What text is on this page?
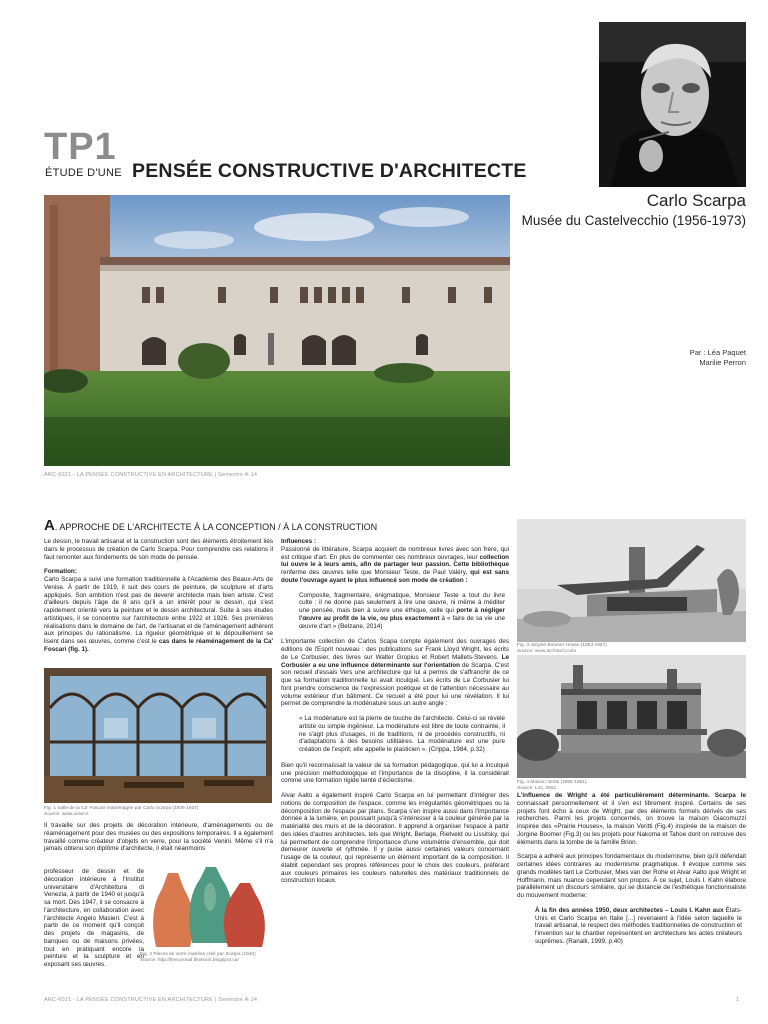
TP1
ÉTUDE D'UNE PENSÉE CONSTRUCTIVE D'ARCHITECTE
Carlo Scarpa
Musée du Castelvecchio (1956-1973)
Par : Léa Paquet
Marilie Perron
ARC-6021 - LA PENSÉE CONSTRUCTIVE EN ARCHITECTURE | Semestre A-14
A. APPROCHE DE L'ARCHITECTE À LA CONCEPTION / À LA CONSTRUCTION

Le dessin, le travail artisanal et la construction sont des éléments étroitement liés dans le processus de création de Carlo Scarpa. Pour comprendre ces relations il faut remonter aux fondements de son mode de pensée.

Formation:

Carlo Scarpa a suivi une formation traditionnelle à l'Académie des Beaux-Arts de Venise. À partir de 1919, il suit des cours de peinture, de sculpture et d'arts appliqués. Son ambition n'est pas de devenir architecte mais bien artiste. C'est d'ailleurs depuis l'âge de 8 ans qu'il a un intérêt pour le dessin, qui s'est rapidement orienté vers la peinture et le dessin architectural. Suite à ses études artistiques, il se concentre sur l'architecture entre 1922 et 1926. Ses premières réalisations dans le domaine de l'art, de l'artisanat et de l'aménagement adhèrent aux principes du rationalisme. La rigueur géométrique et le dépouillement se lisent dans ses œuvres, comme c'est le cas dans le réaménagement de la Ca' Foscari (fig. 1).

Fig. 1 Salle de la Ca' Foscari réaménagée par Carlo Scarpa (1935-1937)
Source: www.unive.it

Il travaille sur des projets de décoration intérieure, d'aménagements ou de réaménagement pour des musées ou des expositions temporaires. Il a également travaillé comme créateur d'objets en verre, pour la société Venini. Même s'il n'a jamais obtenu son diplôme d'architecte, il était néanmoins

professeur de dessin et de décoration intérieure à l'Institut universitaire d'Architettura di Venezia, à partir de 1940 et jusqu'à sa mort. Dès 1947, il se consacre à l'architecture, en collaboration avec l'architecte Angelo Masieri. C'est à partir de ce moment qu'il conçoit des projets de magasins, de banques ou de maisons privées, tout en pratiquant encore la peinture et la sculpture et en exposant ses œuvres.

Fig. 2 Pièces de verre mariées créé par Scarpa (1940)
Source: http://thecoronal blossom.blogspot.ca/

Influences :

Passionné de littérature, Scarpa acquiert de nombreux livres avec son frère, qui est critique d'art. En plus de commenter ces nombreux ouvrages, leur collection lui ouvre le à leurs amis, afin de partager leur passion. Cette bibliothèque renferme des œuvres telle que Monsieur Teste, de Paul Valéry, qui est sans doute l'ouvrage ayant le plus influencé son mode de création :

Composite, fragmentaire, énigmatique, Monsieur Teste a tout du livre culte : il ne donne pas seulement à lire une œuvre, ni même à méditer une pensée, mais bien à suivre une éthique, celle qui porte à négliger l'œuvre au profit de la vie, ou plus exactement à « faire de sa vie une œuvre d'art » (Belzane, 2014)

L'importante collection de Carlos Scapa compte également des ouvrages des éditions de l'Esprit nouveau : des publications sur Frank Lloyd Wright, les écrits de Le Corbusier, des livres sur Walter Gropius et Robert Mallets-Stevens. Le Corbusier a eu une influence déterminante sur l'orientation de Scarpa. C'est son recueil d'essais Vers une architecture qui lui a permis de s'affranchir de ce que sa formation traditionnelle lui avait inculqué. Les écrits de Le Corbusier lui font prendre conscience de l'expression poétique et de l'attention nécessaire au volume extérieur d'un bâtiment. Ce recueil a été pour lui une révélation. Il lui permet de comprendre la modénature sous un autre angle :

« La modénature est la pierre de touche de l'architecte. Celui-ci se révèle artiste ou simple ingénieur. La modénature est libre de toute contrainte, il ne s'agit plus d'usages, ni de traditions, ni de procédés constructifs, ni d'adaptations à des besoins utilitaires. La modénature est une pure création de l'esprit; elle appelle le plasticien ». (Crippa, 1984, p.32)

Bien qu'il reconnaissait la valeur de sa formation pédagogique, qui lui a inculqué une précision méthodologique et l'importance de la discipline, il la considérait comme une formation rigide teinté d'éclectisme.

Alvar Aalto a également inspiré Carlo Scarpa en lui permettant d'intégrer des notions de composition de l'espace, comme les irrégularités géométriques ou la décomposition de l'espace par plans. Scarpa s'en inspire aussi dans l'importance donnée à la lumière, en poussant jusqu'à s'intéresser à la couleur générée par la matérialité des murs et de la décoration. Il apprend à organiser l'espace à partir des idées d'autres architectes, tels que Wright, Berlage, Rietveld ou Lissitsky, qui lui permettent de comprendre l'importance d'une volumétrie d'ensemble, qui doit demeurer ouverte et rythmée. Il y puise aussi certaines valeurs concernant l'usage de la couleur, qui représente un élément important de la composition. Il établit cependant ses propres références pour le choix des couleurs, préférant aux couleurs primaires les couleurs naturelles des matériaux traditionnels de construction locaux.

Fig. 3 Jorgine Boomer House (1953-1957)
Source: www.archinect.com
Fig. 4 Maison Veritti (1955-1961)
Source: Los, 2002

L'influence de Wright a été particulièrement déterminante. Scarpa le connaissait personnellement et il s'en est librement inspiré. Certains de ses projets font écho à ceux de Wright, par des éléments formels dérivés de ses recherches. Parmi les projets concernés, on trouve la maison Giacomuzzi inspirée des «Prairie Houses», la maison Veritti (Fig.4) inspirée de la maison de Jorgine Boomer (Fig.3) ou les projets pour Nakoma et Tahoe dont on retrouve des éléments dans la tombe de la famille Brion.

Scarpa a adhéré aux principes fondamentaux du modernisme, bien qu'il défendait certaines idées contraires au modernisme pragmatique. Il évoque comme ses grands modèles tant Le Corbusier, Mies van der Rohe et Alvar Aalto que Wright et Hoffmann, mais nuance cependant son propos. À ce sujet, Louis I. Kahn élabore parallèlement un discours similaire, qui se distancie de l'esthétique fonctionnaliste du mouvement moderne:

À la fin des années 1950, deux architectes – Louis I. Kahn aux États-Unis et Carlo Scarpa en Italie [...] revenaient à l'idée selon laquelle le travail artisanal, le respect des méthodes traditionnelles de construction et l'invention sur le chantier représentent en architecture les actes créateurs suprêmes. (Ranalli, 1999, p.40)

ARC-6021 - LA PENSÉE CONSTRUCTIVE EN ARCHITECTURE | Semestre A-14	1
